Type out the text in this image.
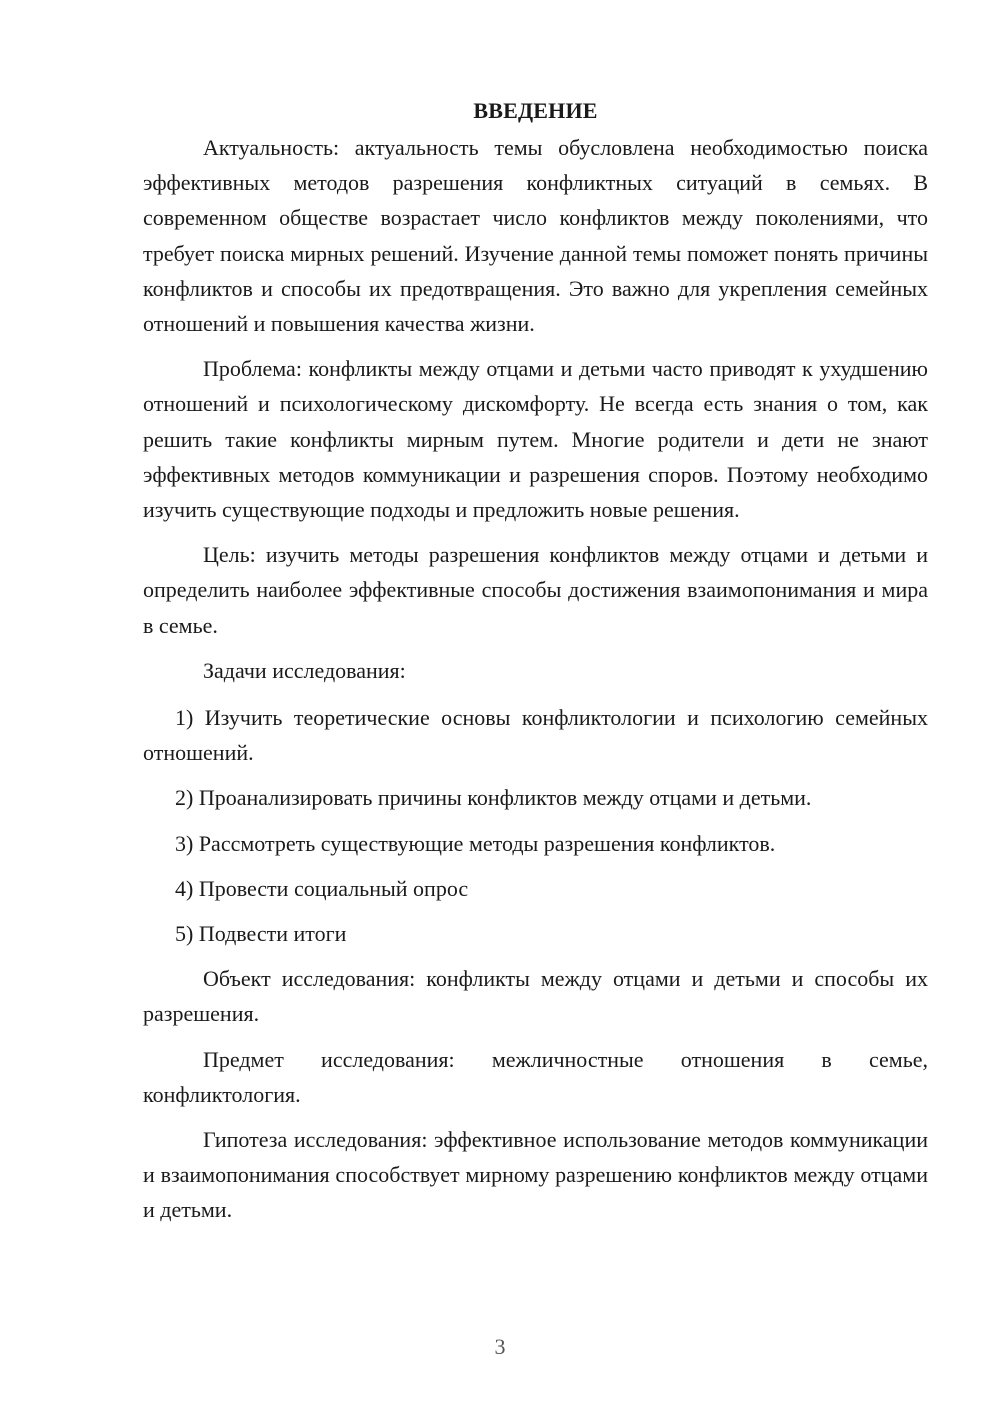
ВВЕДЕНИЕ

Актуальность: актуальность темы обусловлена необходимостью поиска эффективных методов разрешения конфликтных ситуаций в семьях. В современном обществе возрастает число конфликтов между поколениями, что требует поиска мирных решений. Изучение данной темы поможет понять причины конфликтов и способы их предотвращения. Это важно для укрепления семейных отношений и повышения качества жизни.

Проблема: конфликты между отцами и детьми часто приводят к ухудшению отношений и психологическому дискомфорту. Не всегда есть знания о том, как решить такие конфликты мирным путем. Многие родители и дети не знают эффективных методов коммуникации и разрешения споров. Поэтому необходимо изучить существующие подходы и предложить новые решения.

Цель: изучить методы разрешения конфликтов между отцами и детьми и определить наиболее эффективные способы достижения взаимопонимания и мира в семье.

Задачи исследования:

1) Изучить теоретические основы конфликтологии и психологию семейных отношений.

2) Проанализировать причины конфликтов между отцами и детьми.

3) Рассмотреть существующие методы разрешения конфликтов.

4) Провести социальный опрос

5) Подвести итоги

Объект исследования: конфликты между отцами и детьми и способы их разрешения.

Предмет исследования: межличностные отношения в семье, конфликтология.

Гипотеза исследования: эффективное использование методов коммуникации и взаимопонимания способствует мирному разрешению конфликтов между отцами и детьми.

3
